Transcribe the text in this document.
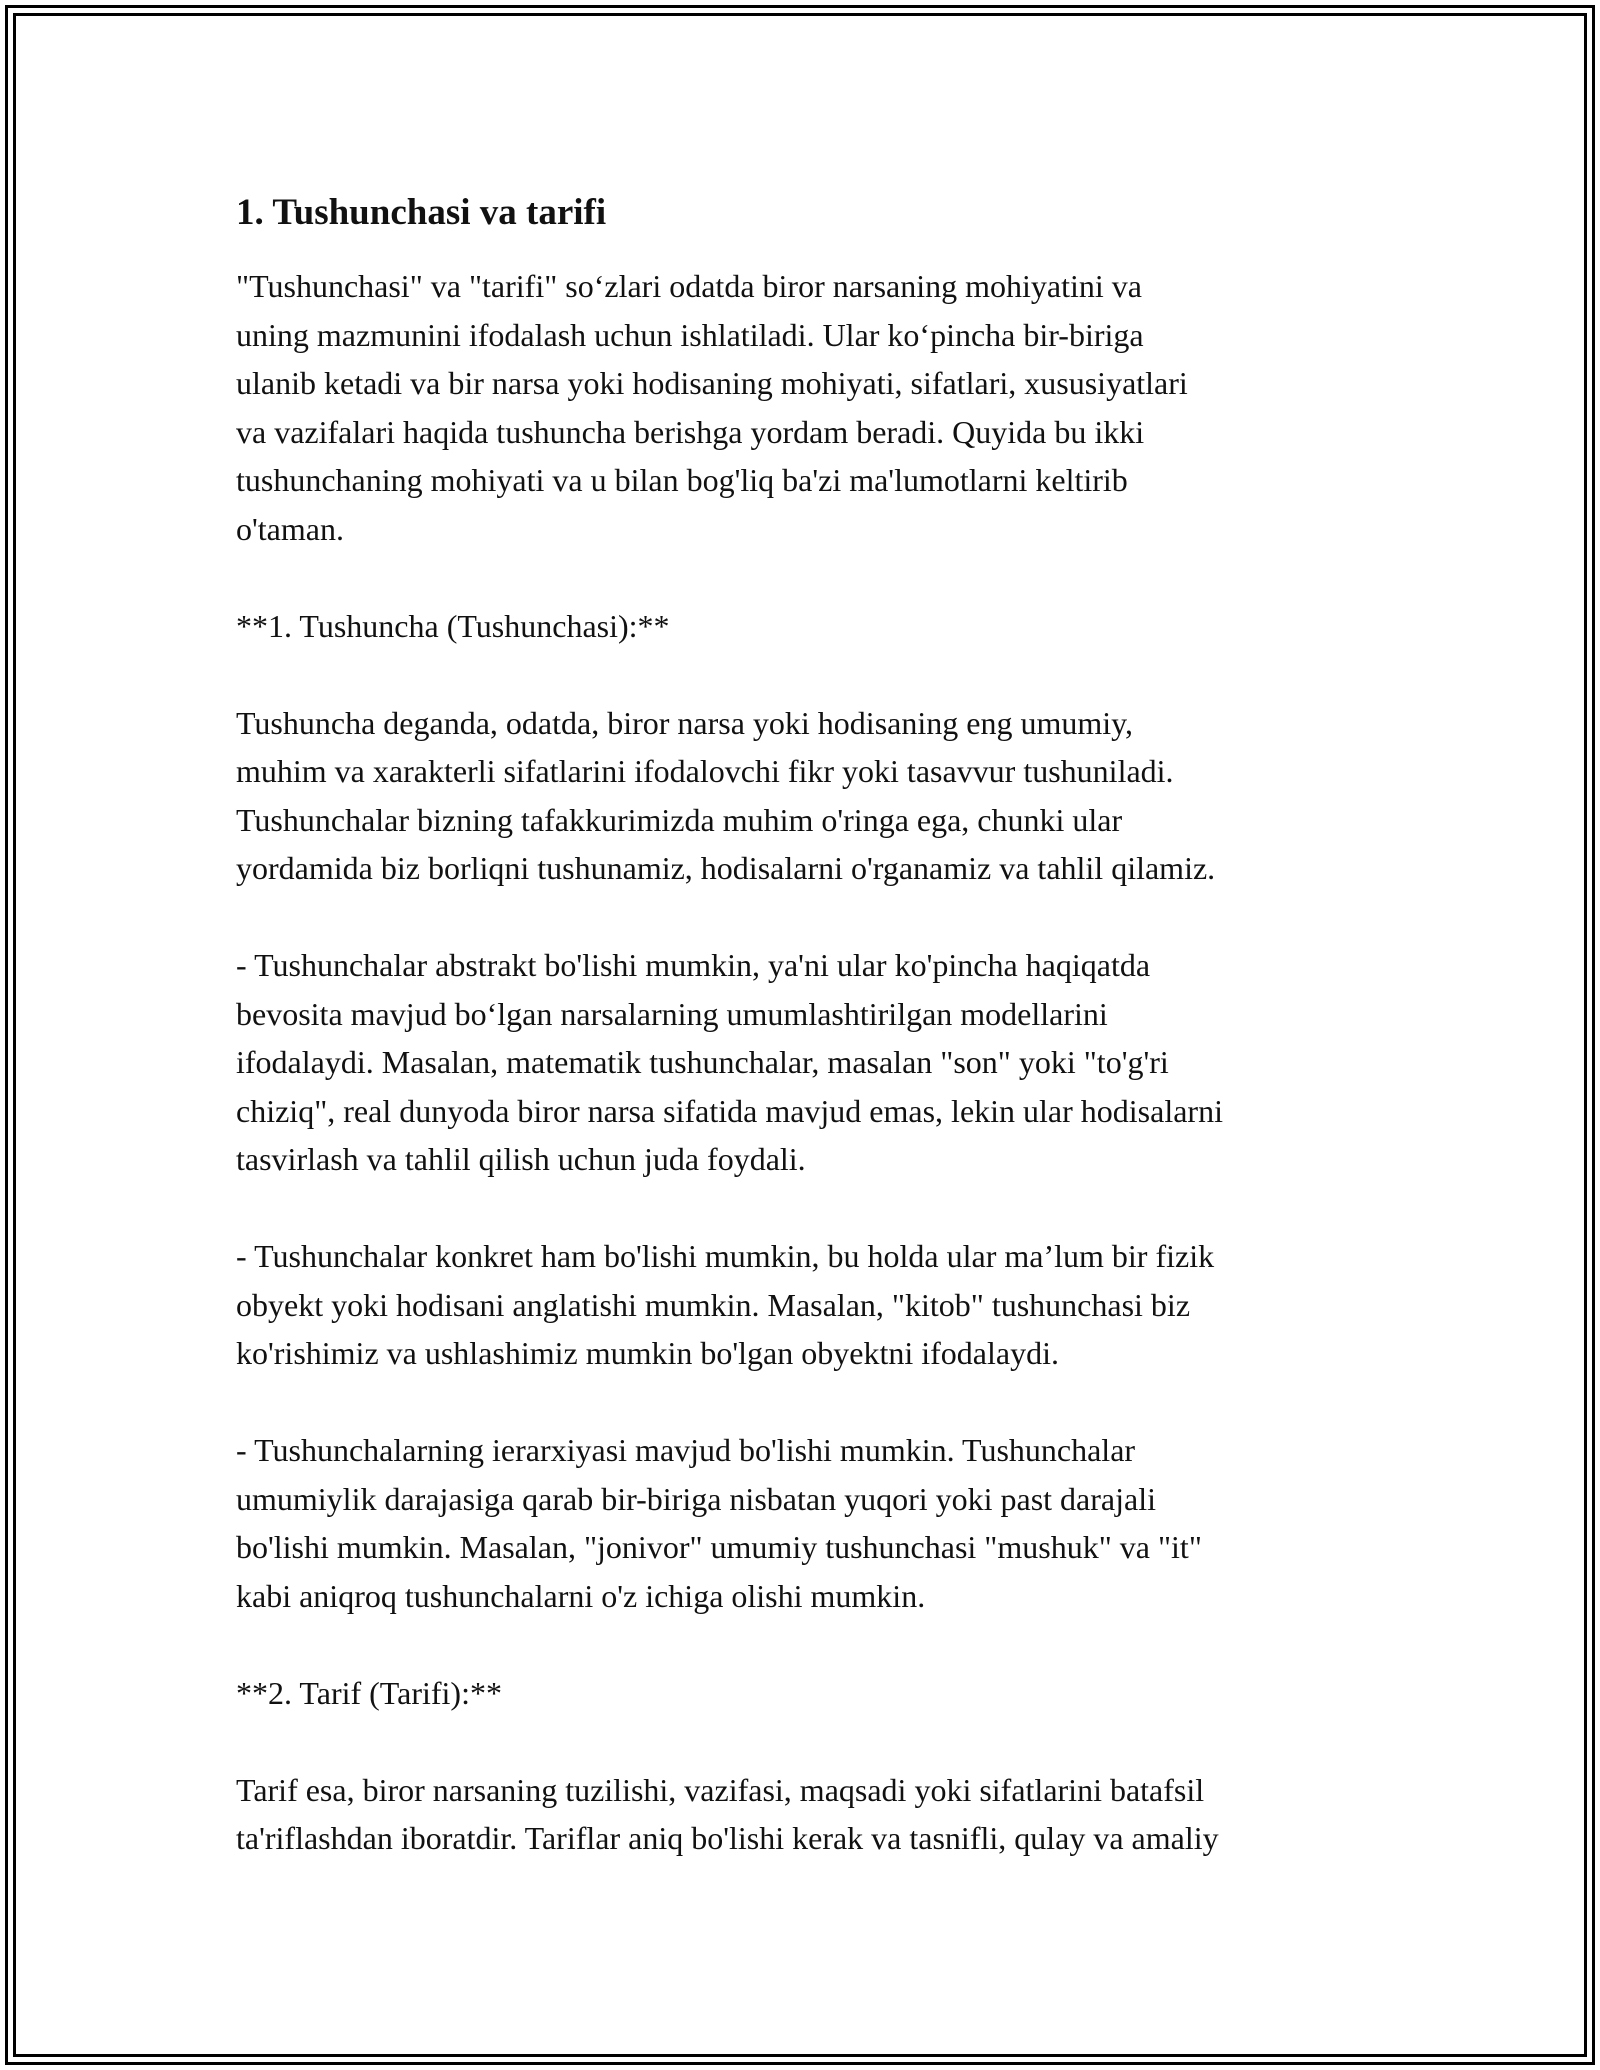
1. Tushunchasi va tarifi
"Tushunchasi" va "tarifi" so‘zlari odatda biror narsaning mohiyatini va
uning mazmunini ifodalash uchun ishlatiladi. Ular ko‘pincha bir-biriga
ulanib ketadi va bir narsa yoki hodisaning mohiyati, sifatlari, xususiyatlari
va vazifalari haqida tushuncha berishga yordam beradi. Quyida bu ikki
tushunchaning mohiyati va u bilan bog'liq ba'zi ma'lumotlarni keltirib
o'taman.
**1. Tushuncha (Tushunchasi):**
Tushuncha deganda, odatda, biror narsa yoki hodisaning eng umumiy,
muhim va xarakterli sifatlarini ifodalovchi fikr yoki tasavvur tushuniladi.
Tushunchalar bizning tafakkurimizda muhim o'ringa ega, chunki ular
yordamida biz borliqni tushunamiz, hodisalarni o'rganamiz va tahlil qilamiz.
- Tushunchalar abstrakt bo'lishi mumkin, ya'ni ular ko'pincha haqiqatda
bevosita mavjud bo‘lgan narsalarning umumlashtirilgan modellarini
ifodalaydi. Masalan, matematik tushunchalar, masalan "son" yoki "to'g'ri
chiziq", real dunyoda biror narsa sifatida mavjud emas, lekin ular hodisalarni
tasvirlash va tahlil qilish uchun juda foydali.
- Tushunchalar konkret ham bo'lishi mumkin, bu holda ular ma’lum bir fizik
obyekt yoki hodisani anglatishi mumkin. Masalan, "kitob" tushunchasi biz
ko'rishimiz va ushlashimiz mumkin bo'lgan obyektni ifodalaydi.
- Tushunchalarning ierarxiyasi mavjud bo'lishi mumkin. Tushunchalar
umumiylik darajasiga qarab bir-biriga nisbatan yuqori yoki past darajali
bo'lishi mumkin. Masalan, "jonivor" umumiy tushunchasi "mushuk" va "it"
kabi aniqroq tushunchalarni o'z ichiga olishi mumkin.
**2. Tarif (Tarifi):**
Tarif esa, biror narsaning tuzilishi, vazifasi, maqsadi yoki sifatlarini batafsil
ta'riflashdan iboratdir. Tariflar aniq bo'lishi kerak va tasnifli, qulay va amaliy
